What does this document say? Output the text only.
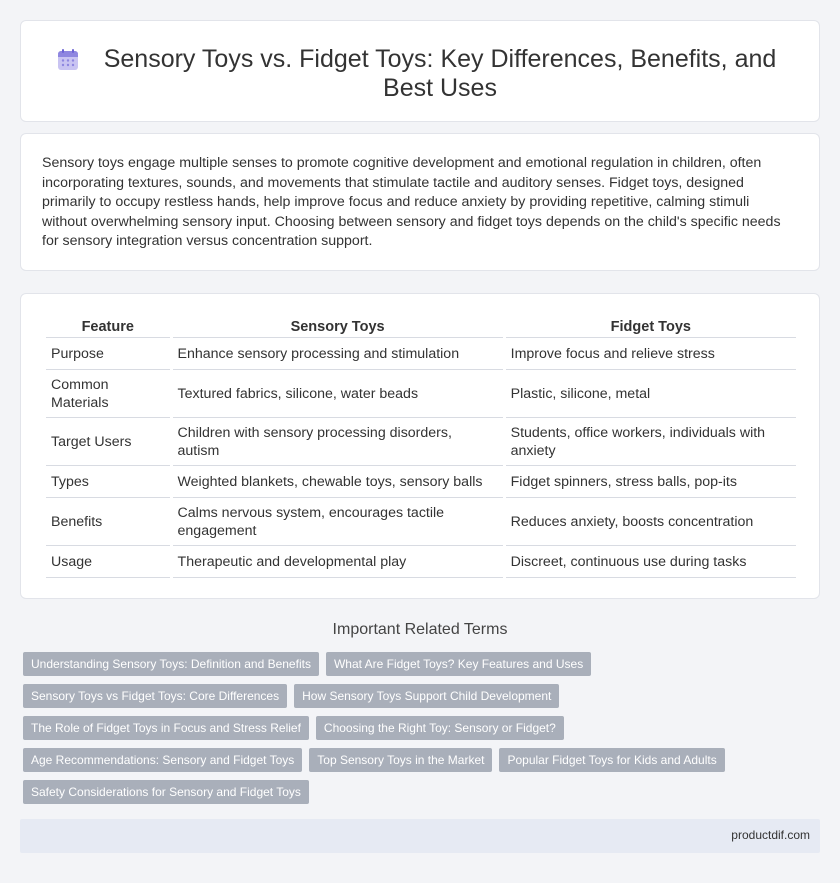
Sensory Toys vs. Fidget Toys: Key Differences, Benefits, and Best Uses

Sensory toys engage multiple senses to promote cognitive development and emotional regulation in children, often incorporating textures, sounds, and movements that stimulate tactile and auditory senses. Fidget toys, designed primarily to occupy restless hands, help improve focus and reduce anxiety by providing repetitive, calming stimuli without overwhelming sensory input. Choosing between sensory and fidget toys depends on the child's specific needs for sensory integration versus concentration support.

Feature	Sensory Toys	Fidget Toys
Purpose	Enhance sensory processing and stimulation	Improve focus and relieve stress
Common Materials	Textured fabrics, silicone, water beads	Plastic, silicone, metal
Target Users	Children with sensory processing disorders, autism	Students, office workers, individuals with anxiety
Types	Weighted blankets, chewable toys, sensory balls	Fidget spinners, stress balls, pop-its
Benefits	Calms nervous system, encourages tactile engagement	Reduces anxiety, boosts concentration
Usage	Therapeutic and developmental play	Discreet, continuous use during tasks
Important Related Terms
Understanding Sensory Toys: Definition and Benefits	What Are Fidget Toys? Key Features and Uses
Sensory Toys vs Fidget Toys: Core Differences	How Sensory Toys Support Child Development
The Role of Fidget Toys in Focus and Stress Relief	Choosing the Right Toy: Sensory or Fidget?
Age Recommendations: Sensory and Fidget Toys	Top Sensory Toys in the Market	Popular Fidget Toys for Kids and Adults
Safety Considerations for Sensory and Fidget Toys
productdif.com
